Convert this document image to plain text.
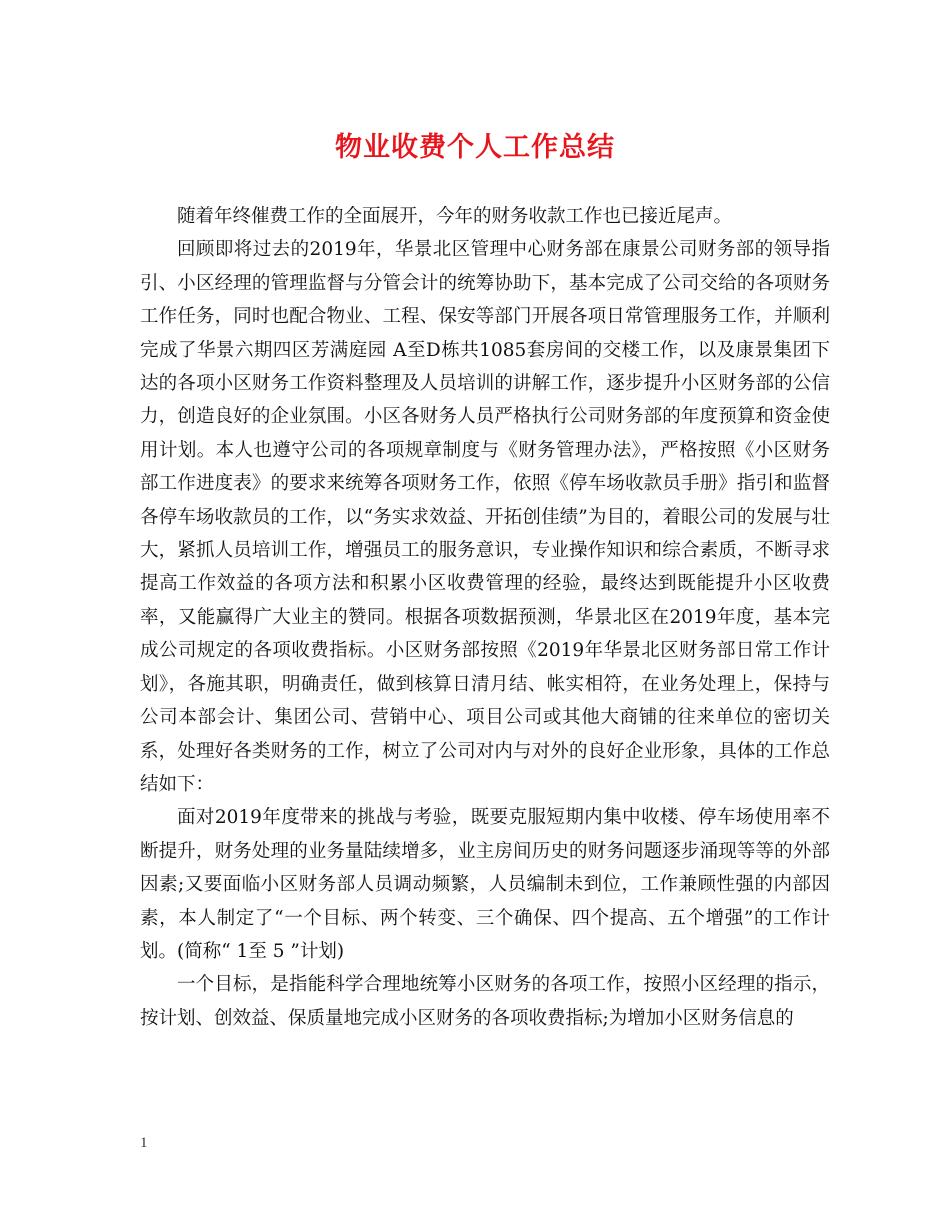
物业收费个人工作总结

随着年终催费工作的全面展开，今年的财务收款工作也已接近尾声。

回顾即将过去的2019年，华景北区管理中心财务部在康景公司财务部的领导指引、小区经理的管理监督与分管会计的统筹协助下，基本完成了公司交给的各项财务工作任务，同时也配合物业、工程、保安等部门开展各项日常管理服务工作，并顺利完成了华景六期四区芳满庭园 A至D栋共1085套房间的交楼工作，以及康景集团下达的各项小区财务工作资料整理及人员培训的讲解工作，逐步提升小区财务部的公信力，创造良好的企业氛围。小区各财务人员严格执行公司财务部的年度预算和资金使用计划。本人也遵守公司的各项规章制度与《财务管理办法》，严格按照《小区财务部工作进度表》的要求来统筹各项财务工作，依照《停车场收款员手册》指引和监督各停车场收款员的工作，以“务实求效益、开拓创佳绩”为目的，着眼公司的发展与壮大，紧抓人员培训工作，增强员工的服务意识，专业操作知识和综合素质，不断寻求提高工作效益的各项方法和积累小区收费管理的经验，最终达到既能提升小区收费率，又能赢得广大业主的赞同。根据各项数据预测，华景北区在2019年度，基本完成公司规定的各项收费指标。小区财务部按照《2019年华景北区财务部日常工作计划》，各施其职，明确责任，做到核算日清月结、帐实相符，在业务处理上，保持与公司本部会计、集团公司、营销中心、项目公司或其他大商铺的往来单位的密切关系，处理好各类财务的工作，树立了公司对内与对外的良好企业形象，具体的工作总结如下：

面对2019年度带来的挑战与考验，既要克服短期内集中收楼、停车场使用率不断提升，财务处理的业务量陆续增多，业主房间历史的财务问题逐步涌现等等的外部因素;又要面临小区财务部人员调动频繁，人员编制未到位，工作兼顾性强的内部因素，本人制定了“一个目标、两个转变、三个确保、四个提高、五个增强”的工作计划。(简称“ 1至 5 ”计划)

一个目标，是指能科学合理地统筹小区财务的各项工作，按照小区经理的指示，按计划、创效益、保质量地完成小区财务的各项收费指标;为增加小区财务信息的

1
